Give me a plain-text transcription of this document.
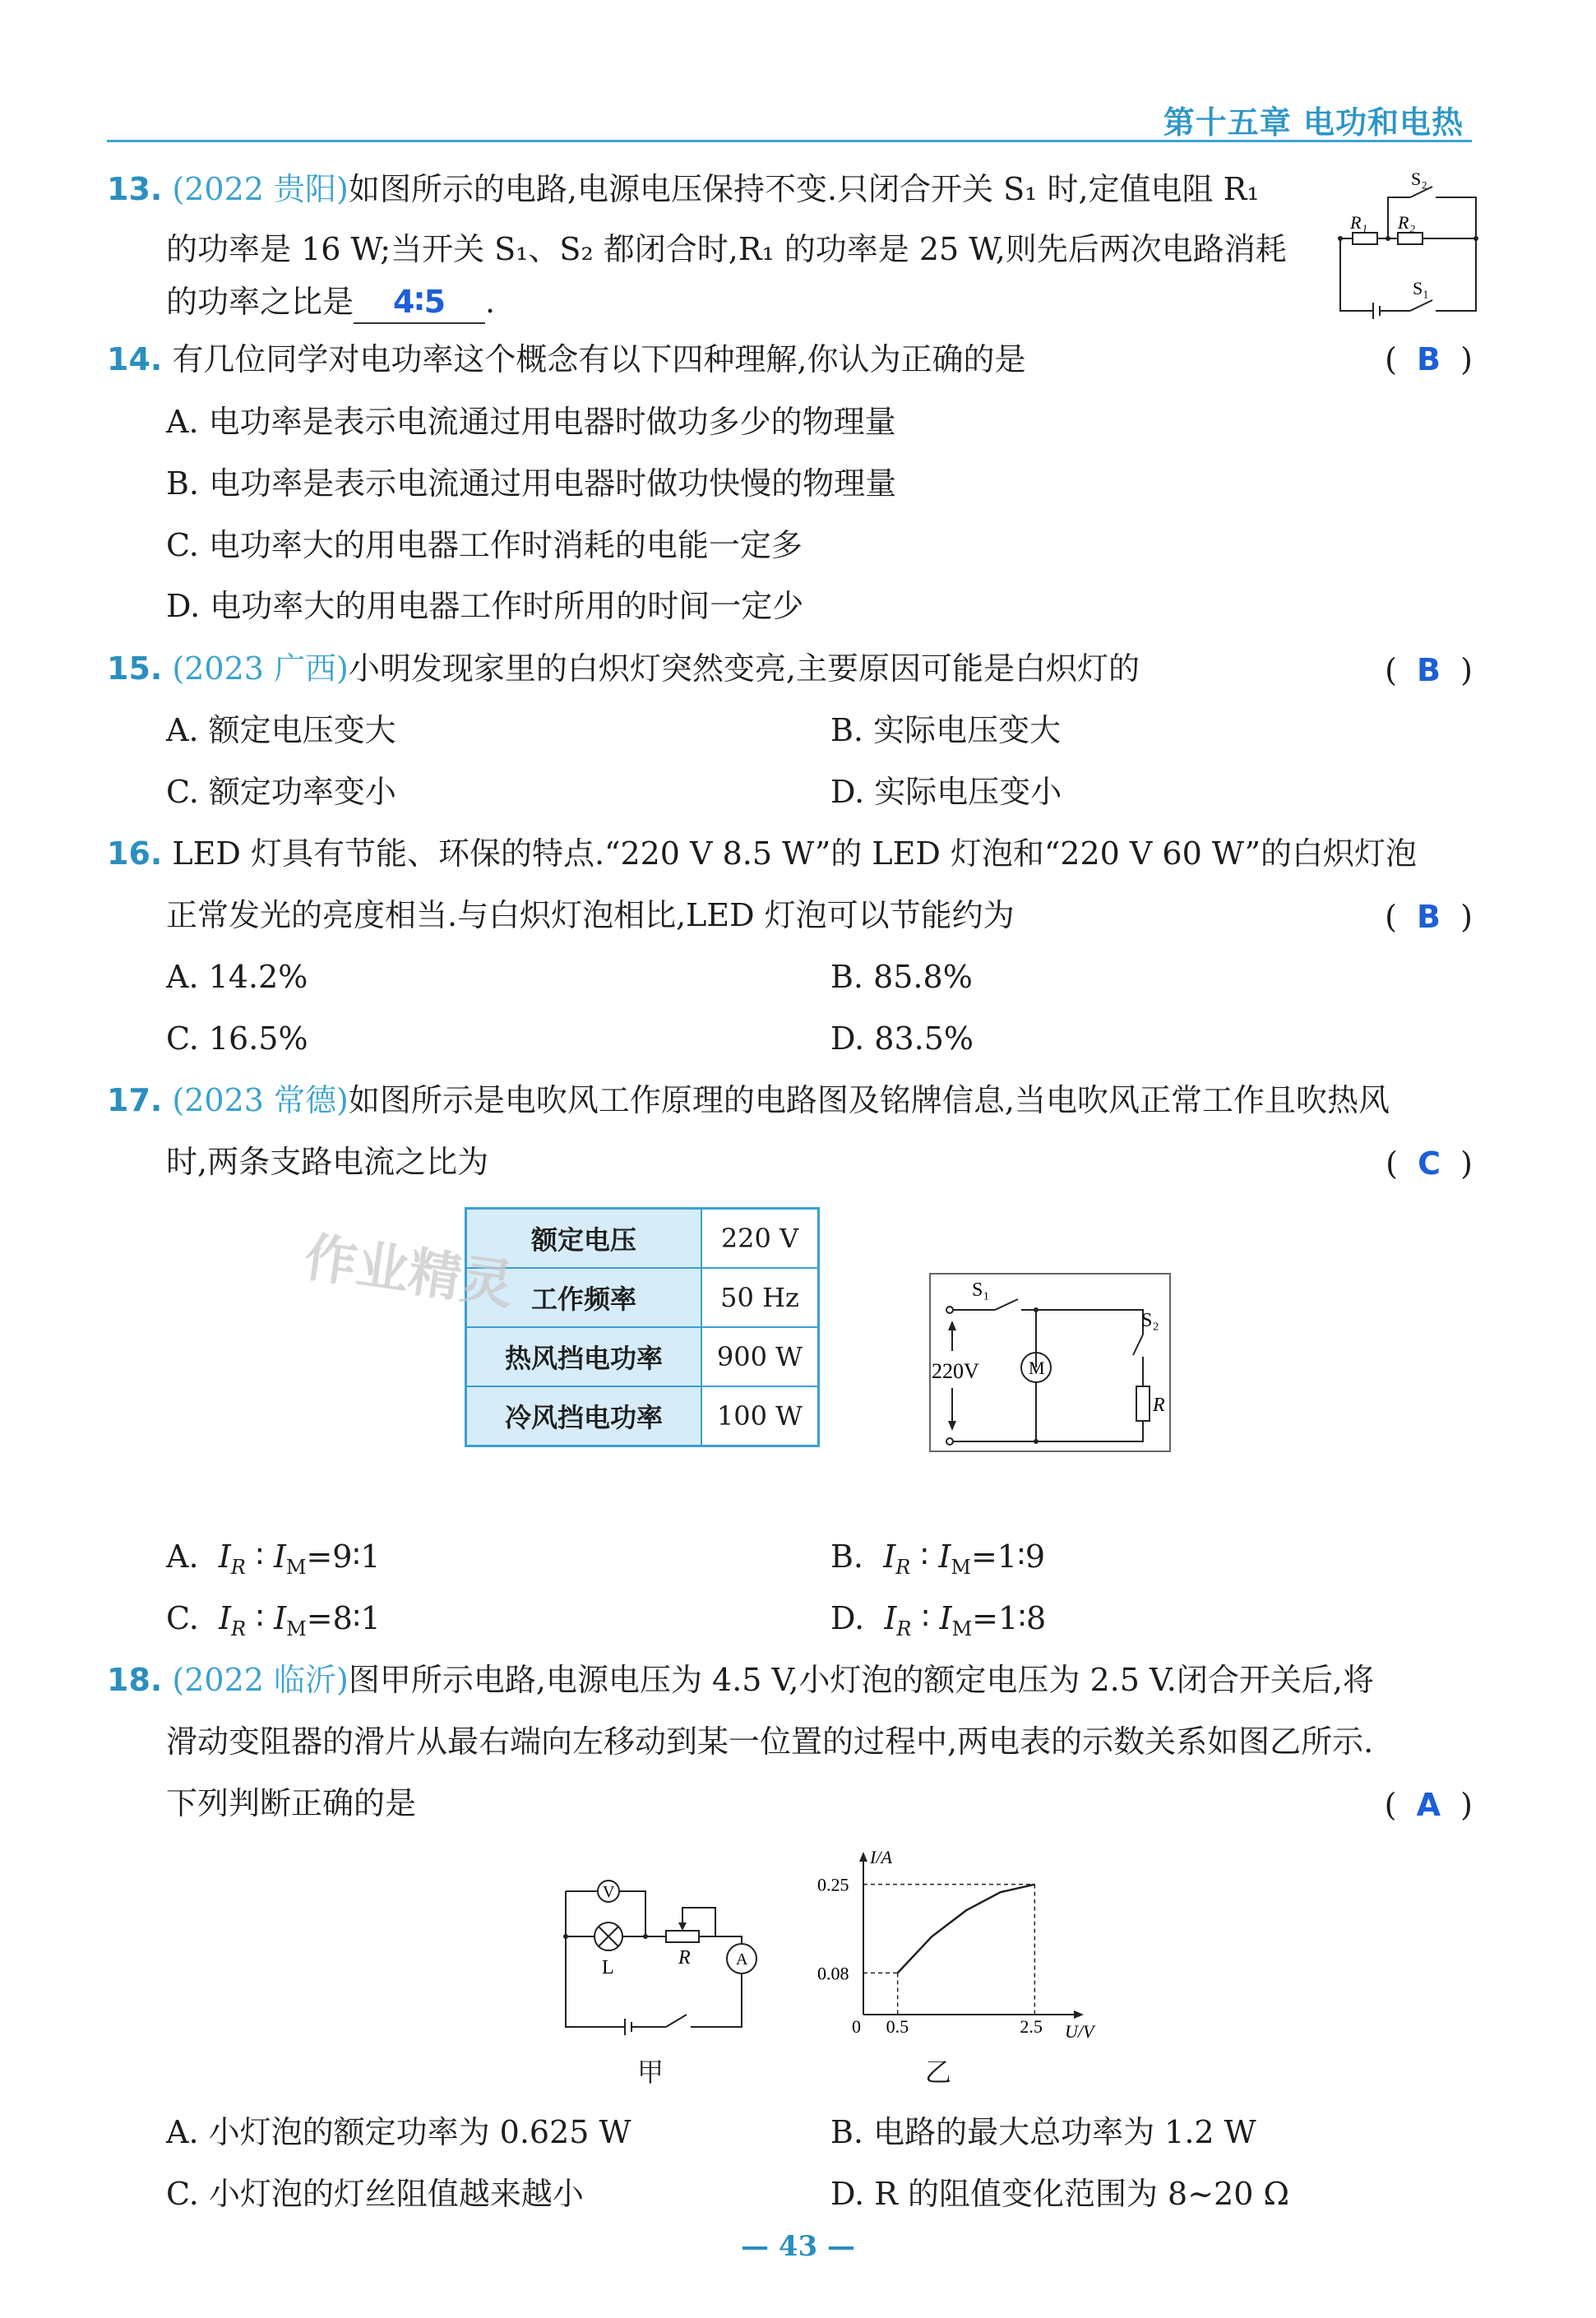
第十五章 电功和电热
13. (2022 贵阳)如图所示的电路,电源电压保持不变.只闭合开关 S₁ 时,定值电阻 R₁
的功率是 16 W;当开关 S₁、S₂ 都闭合时,R₁ 的功率是 25 W,则先后两次电路消耗
的功率之比是 4∶5 .
S₂
R₁ R₂
S₁
14. 有几位同学对电功率这个概念有以下四种理解,你认为正确的是	(  B  )
A. 电功率是表示电流通过用电器时做功多少的物理量
B. 电功率是表示电流通过用电器时做功快慢的物理量
C. 电功率大的用电器工作时消耗的电能一定多
D. 电功率大的用电器工作时所用的时间一定少
15. (2023 广西)小明发现家里的白炽灯突然变亮,主要原因可能是白炽灯的	(  B  )
A. 额定电压变大	B. 实际电压变大
C. 额定功率变小	D. 实际电压变小
16. LED 灯具有节能、环保的特点.“220 V 8.5 W”的 LED 灯泡和“220 V 60 W”的白炽灯泡
正常发光的亮度相当.与白炽灯泡相比,LED 灯泡可以节能约为	(  B  )
A. 14.2%	B. 85.8%
C. 16.5%	D. 83.5%
17. (2023 常德)如图所示是电吹风工作原理的电路图及铭牌信息,当电吹风正常工作且吹热风
时,两条支路电流之比为	(  C  )
额定电压	220 V
工作频率	50 Hz
热风挡电功率	900 W
冷风挡电功率	100 W
S₁
S₂
220V	M
R
A. $I_R$ ∶ $I_M=9∶1$	B. $I_R$ ∶ $I_M=1∶9$
C. $I_R$ ∶ $I_M=8∶1$	D. $I_R$ ∶ $I_M=1∶8$
18. (2022 临沂)图甲所示电路,电源电压为 4.5 V,小灯泡的额定电压为 2.5 V.闭合开关后,将
滑动变阻器的滑片从最右端向左移动到某一位置的过程中,两电表的示数关系如图乙所示.
下列判断正确的是	(  A  )
V
A
L	R
甲
I/A
U/V
0.25
0.08
0 0.5	2.5
乙
A. 小灯泡的额定功率为 0.625 W	B. 电路的最大总功率为 1.2 W
C. 小灯泡的灯丝阻值越来越小	D. R 的阻值变化范围为 8~20 Ω
作业精灵
— 43 —
